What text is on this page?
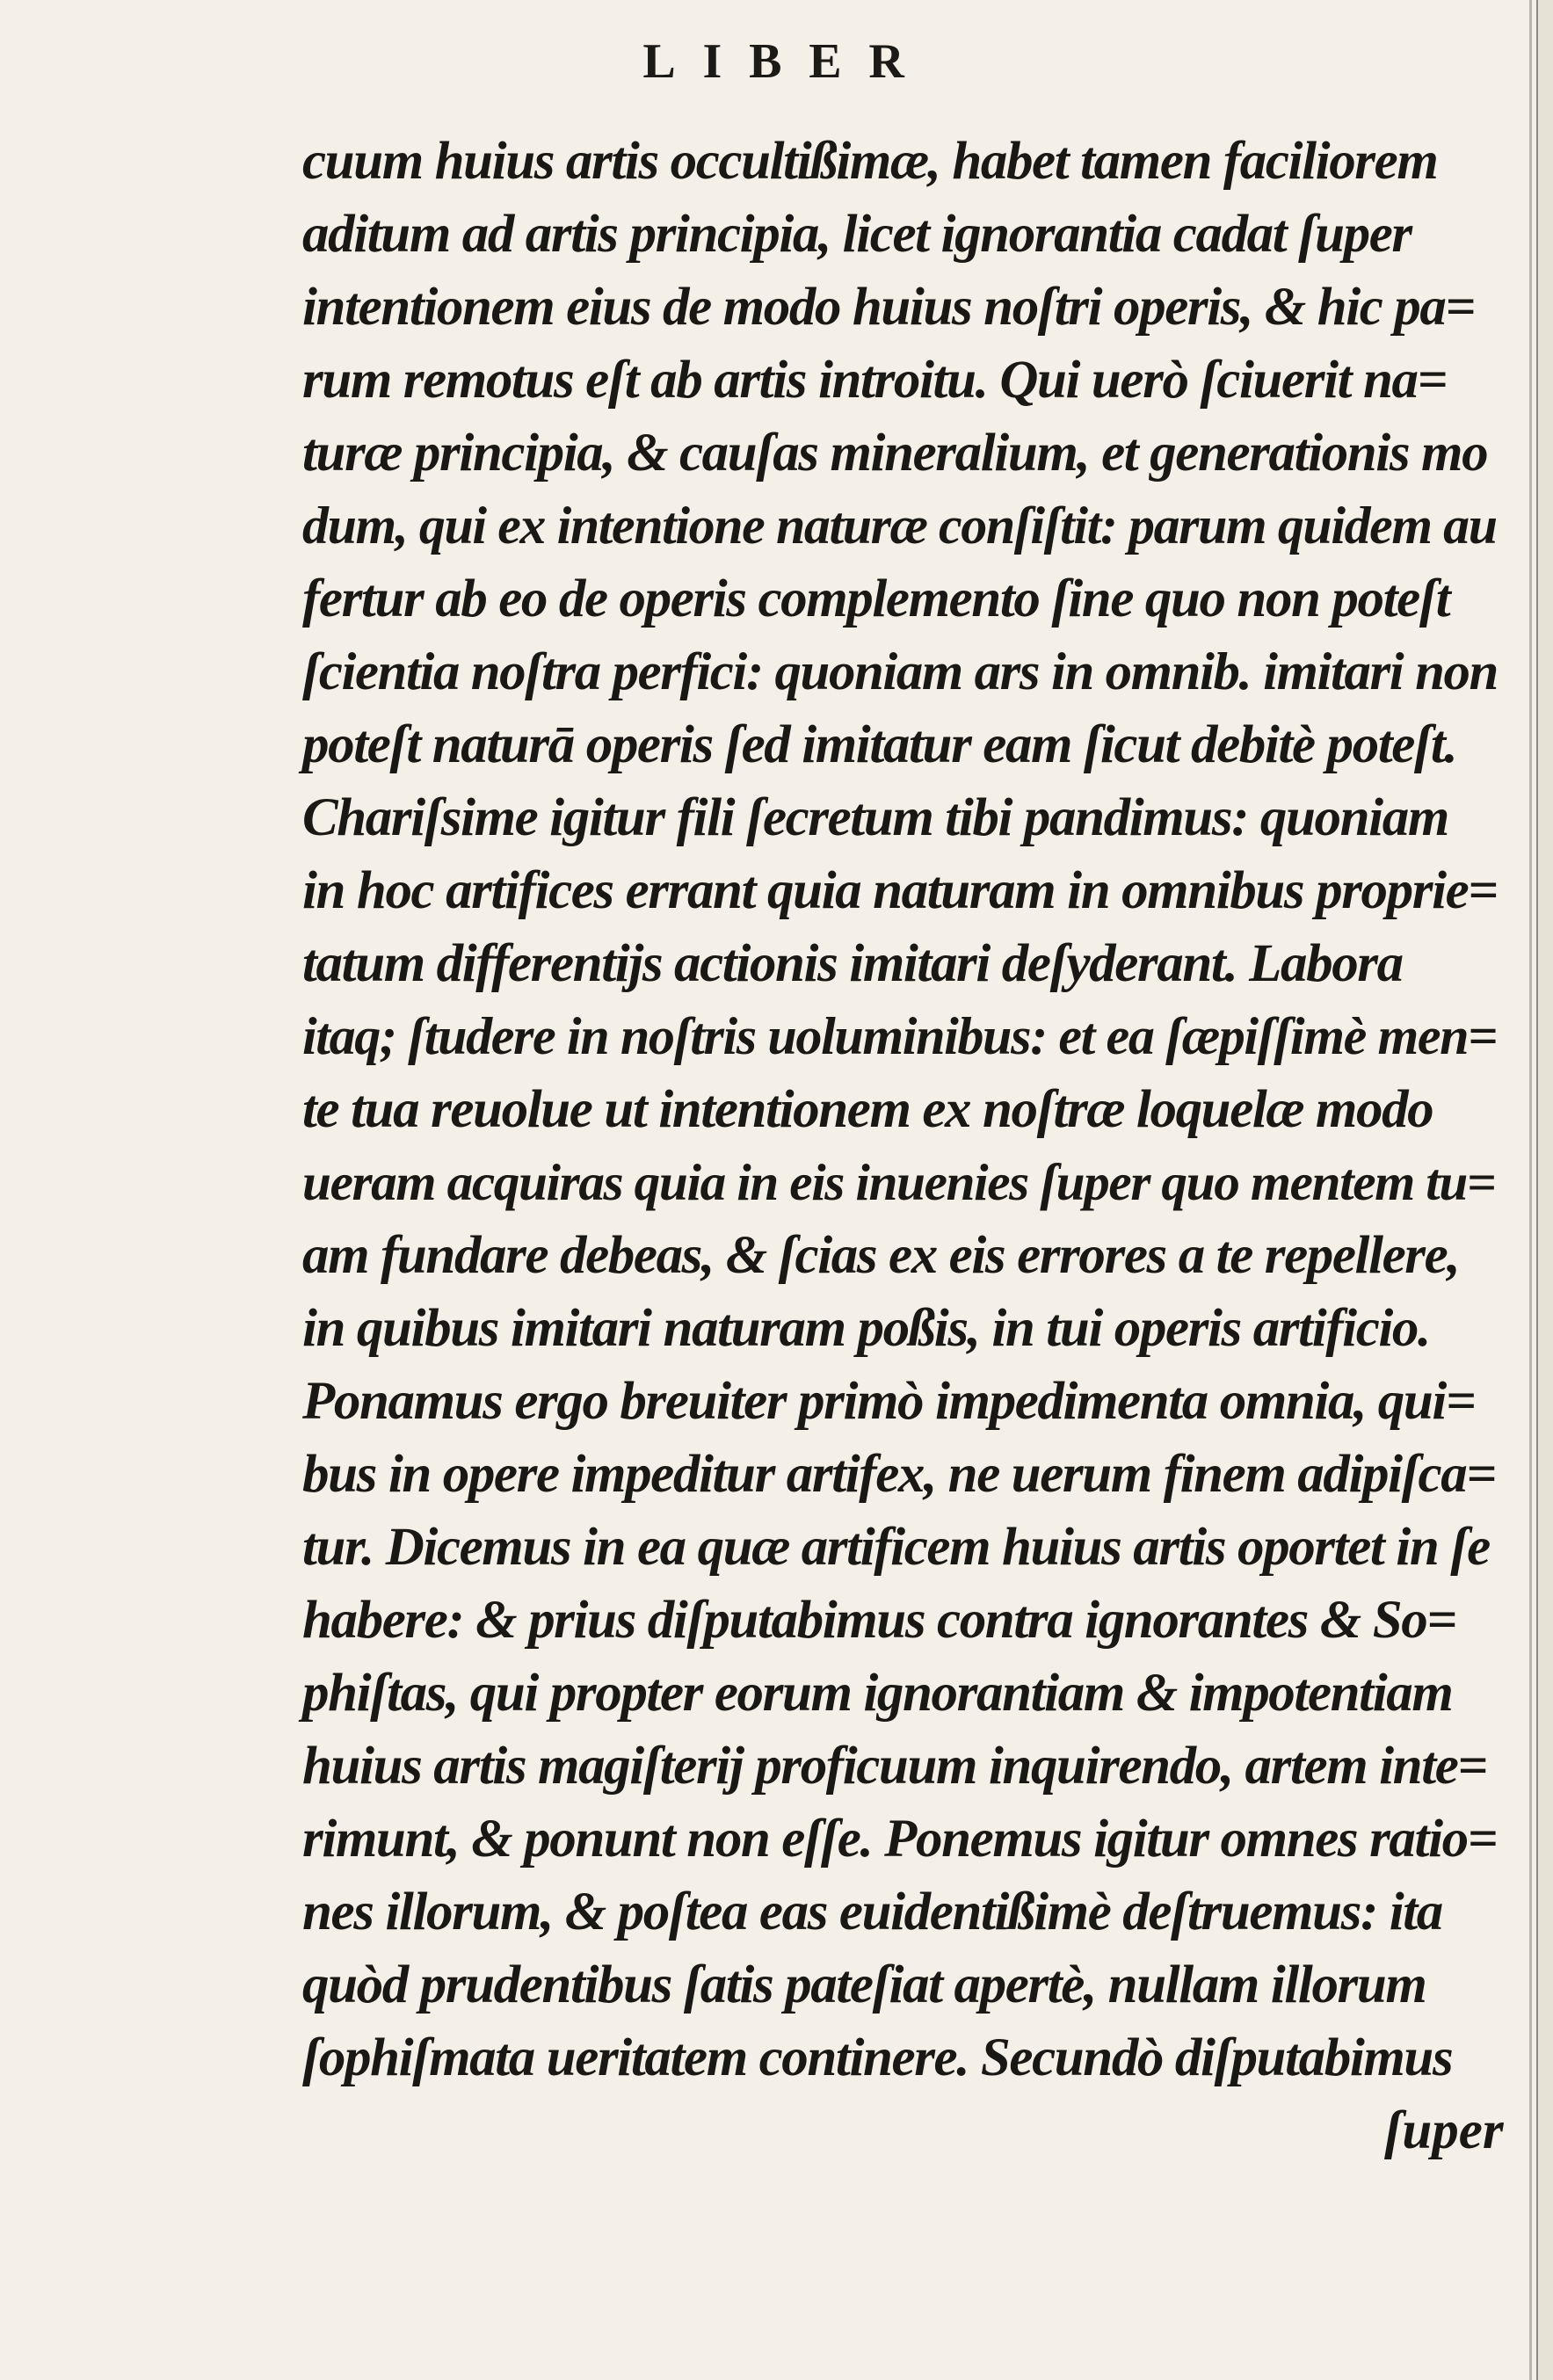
LIBER
cuum huius artis occultißimæ, habet tamen faciliorem
aditum ad artis principia, licet ignorantia cadat ſuper
intentionem eius de modo huius noſtri operis, & hic pa=
rum remotus eſt ab artis introitu. Qui uerò ſciuerit na=
turæ principia, & cauſas mineralium, et generationis mo
dum, qui ex intentione naturæ conſiſtit: parum quidem au
fertur ab eo de operis complemento ſine quo non poteſt
ſcientia noſtra perfici: quoniam ars in omnib. imitari non
poteſt naturā operis ſed imitatur eam ſicut debitè poteſt.
Chariſsime igitur fili ſecretum tibi pandimus: quoniam
in hoc artifices errant quia naturam in omnibus proprie=
tatum differentijs actionis imitari deſyderant. Labora
itaq; ſtudere in noſtris uoluminibus: et ea ſæpiſſimè men=
te tua reuolue ut intentionem ex noſtræ loquelæ modo
ueram acquiras quia in eis inuenies ſuper quo mentem tu=
am fundare debeas, & ſcias ex eis errores a te repellere,
in quibus imitari naturam poßis, in tui operis artificio.
Ponamus ergo breuiter primò impedimenta omnia, qui=
bus in opere impeditur artifex, ne uerum finem adipiſca=
tur. Dicemus in ea quæ artificem huius artis oportet in ſe
habere: & prius diſputabimus contra ignorantes & So=
phiſtas, qui propter eorum ignorantiam & impotentiam
huius artis magiſterij proficuum inquirendo, artem inte=
rimunt, & ponunt non eſſe. Ponemus igitur omnes ratio=
nes illorum, & poſtea eas euidentißimè deſtruemus: ita
quòd prudentibus ſatis pateſiat apertè, nullam illorum
ſophiſmata ueritatem continere. Secundò diſputabimus
ſuper
